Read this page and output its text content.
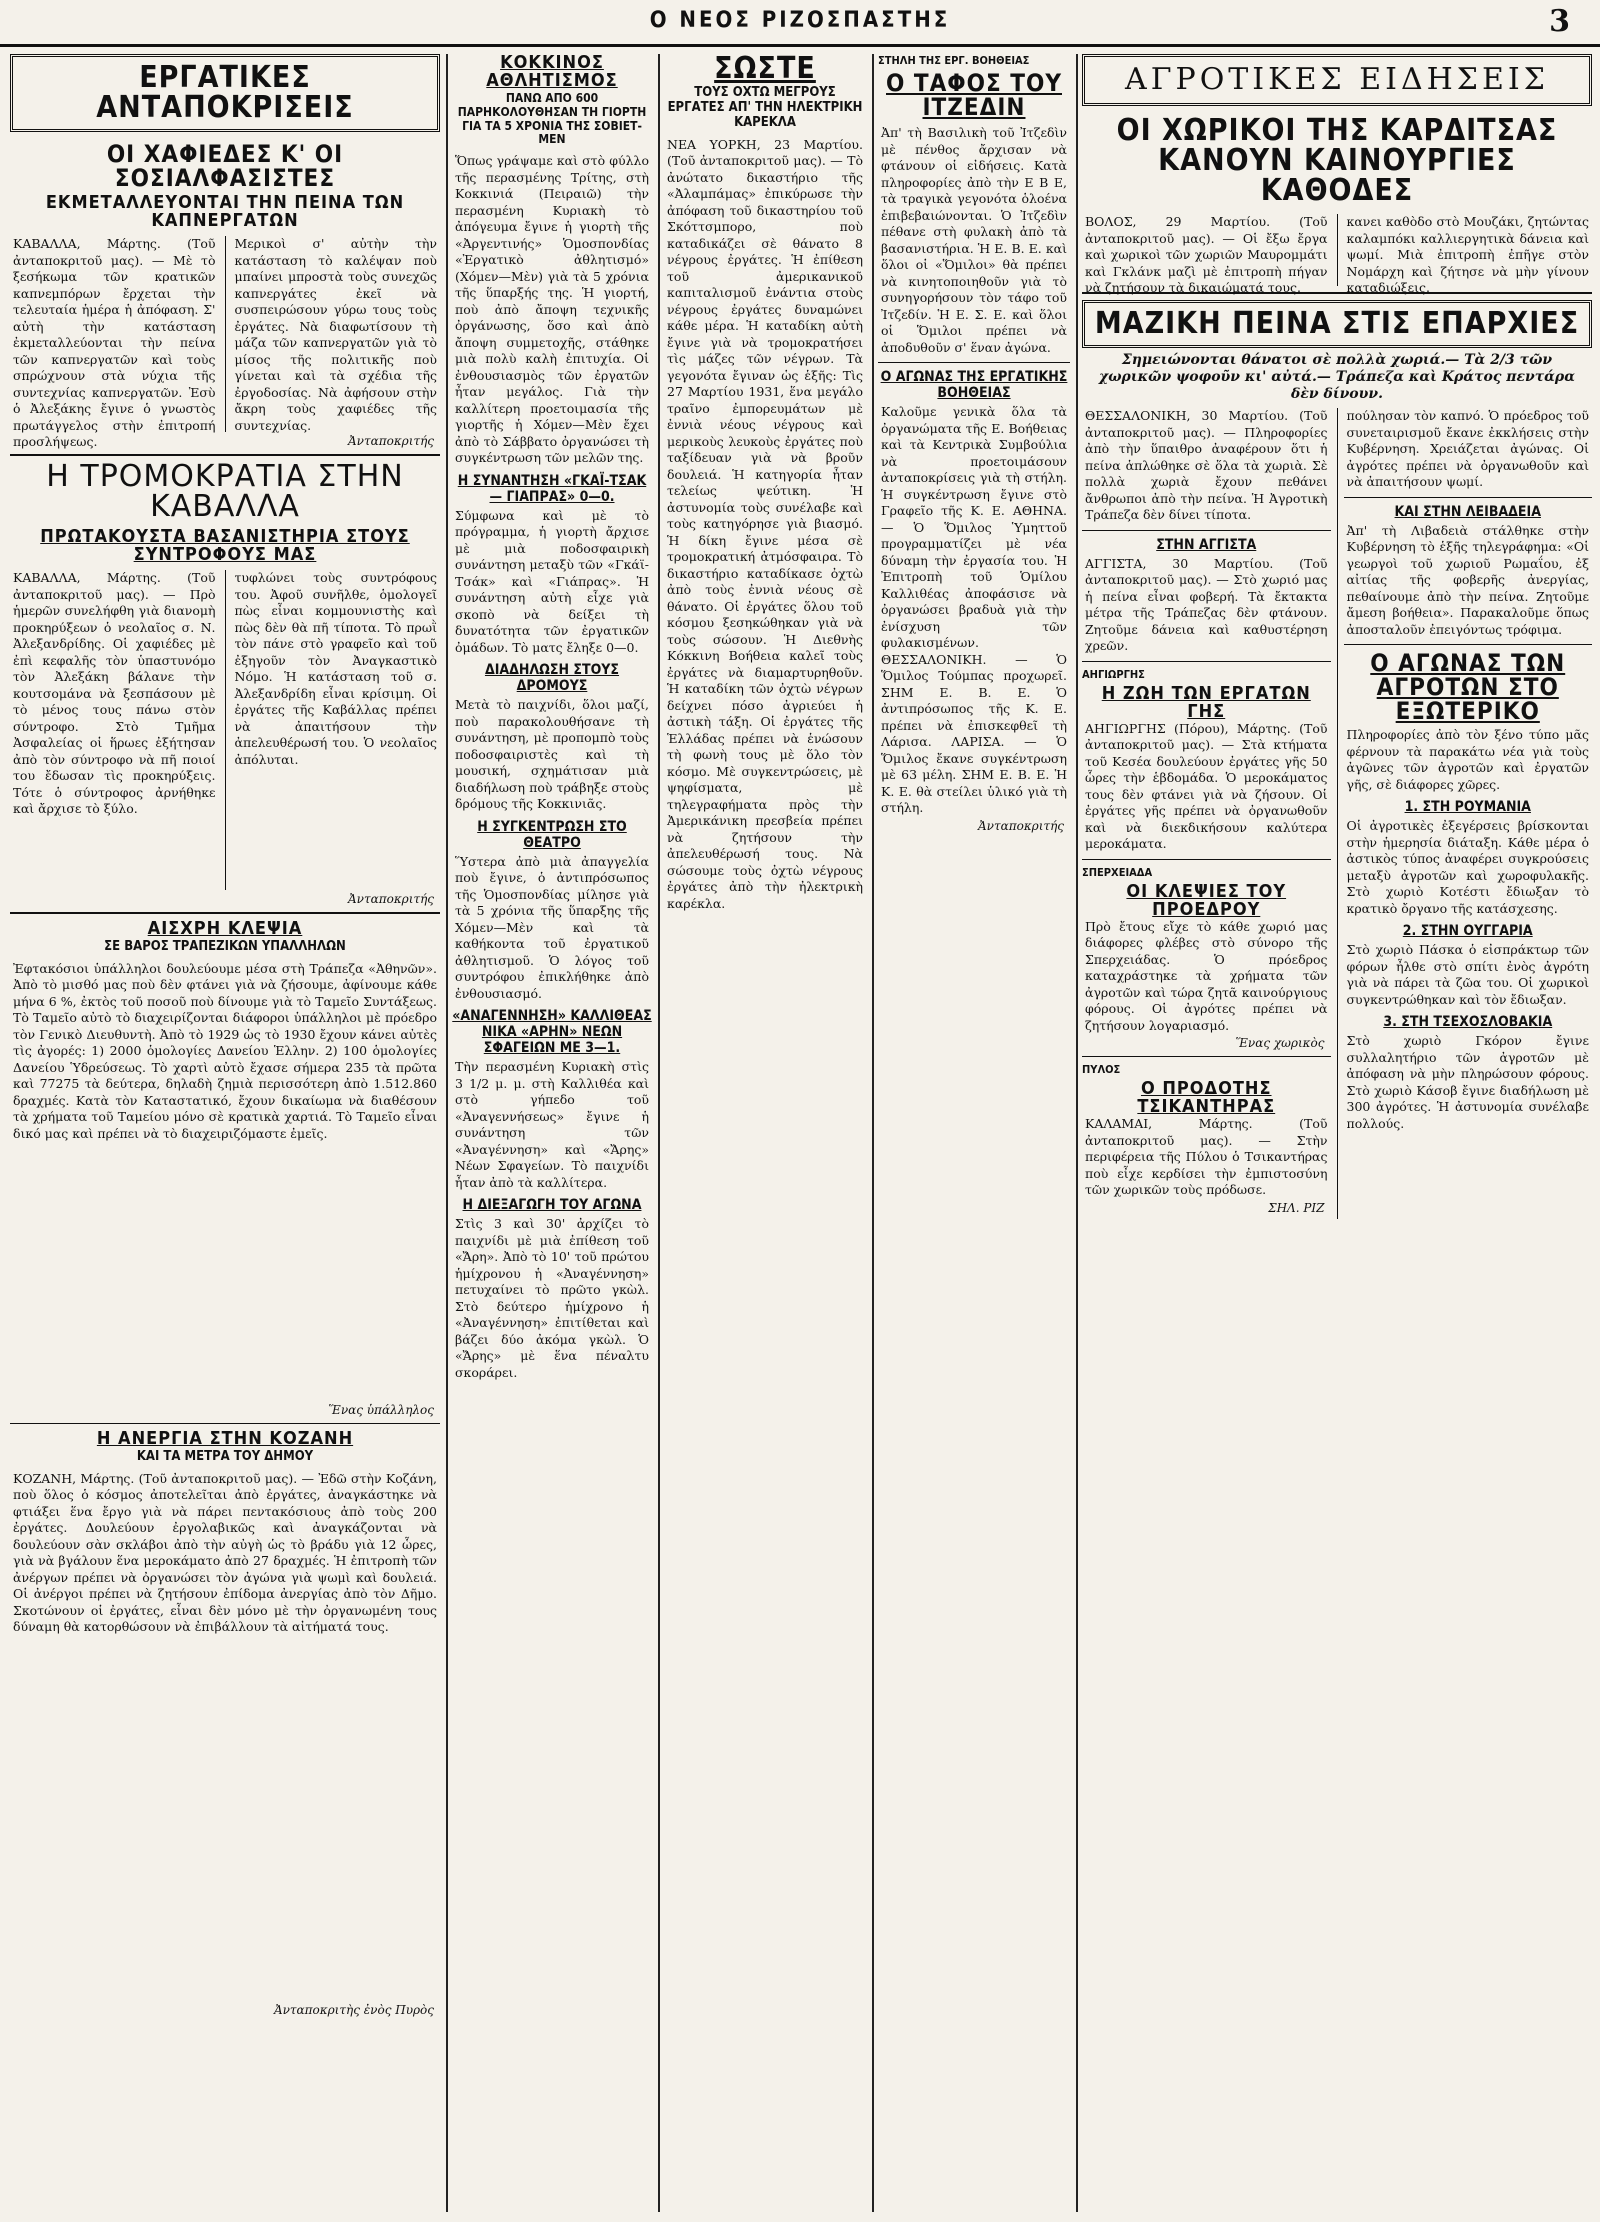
Ο ΝΕΟΣ ΡΙΖΟΣΠΑΣΤΗΣ	3
ΕΡΓΑΤΙΚΕΣ ΑΝΤΑΠΟΚΡΙΣΕΙΣ
ΟΙ ΧΑΦΙΕΔΕΣ Κ' ΟΙ ΣΟΣΙΑΛΦΑΣΙΣΤΕΣ
ΕΚΜΕΤΑΛΛΕΥΟΝΤΑΙ ΤΗΝ ΠΕΙΝΑ ΤΩΝ ΚΑΠΝΕΡΓΑΤΩΝ
ΚΑΒΑΛΛΑ, Μάρτης. (Τοῦ ἀνταποκριτοῦ μας). — Μὲ τὸ ξεσήκωμα τῶν κρατικῶν καπνεμπόρων ἔρχεται τὴν τελευταία ἡμέρα ἡ ἀπόφαση. Σ' αὐτὴ τὴν κατάσταση ἐκμεταλλεύονται τὴν πείνα τῶν καπνεργατῶν καὶ τοὺς σπρώχνουν στὰ νύχια τῆς συντεχνίας καπνεργατῶν. Ἐσὺ ὁ Ἀλεξάκης ἔγινε ὁ γνωστὸς πρωτάγγελος στὴν ἐπιτροπή προσλήψεως.
Μερικοὶ σ' αὐτὴν τὴν κατάσταση τὸ καλέψαν ποὺ μπαίνει μπροστὰ τοὺς συνεχῶς καπνεργάτες ἐκεῖ νὰ συσπειρώσουν γύρω τους τοὺς ἐργάτες. Νὰ διαφωτίσουν τὴ μάζα τῶν καπνεργατῶν γιὰ τὸ μίσος τῆς πολιτικῆς ποὺ γίνεται καὶ τὰ σχέδια τῆς ἐργοδοσίας. Νὰ ἀφήσουν στὴν ἄκρη τοὺς χαφιέδες τῆς συντεχνίας.
Ἀνταποκριτής
Η ΤΡΟΜΟΚΡΑΤΙΑ ΣΤΗΝ ΚΑΒΑΛΛΑ
ΠΡΩΤΑΚΟΥΣΤΑ ΒΑΣΑΝΙΣΤΗΡΙΑ ΣΤΟΥΣ ΣΥΝΤΡΟΦΟΥΣ ΜΑΣ
ΚΑΒΑΛΛΑ, Μάρτης. (Τοῦ ἀνταποκριτοῦ μας). — Πρὸ ἡμερῶν συνελήφθη γιὰ διανομὴ προκηρύξεων ὁ νεολαῖος σ. Ν. Ἀλεξανδρίδης. Οἱ χαφιέδες μὲ ἐπὶ κεφαλῆς τὸν ὑπαστυνόμο τὸν Ἀλεξάκη βάλανε τὴν κουτσομάνα νὰ ξεσπάσουν μὲ τὸ μένος τους πάνω στὸν σύντροφο. Στὸ Τμῆμα Ἀσφαλείας οἱ ἥρωες ἐξήτησαν ἀπὸ τὸν σύντροφο νὰ πῆ ποιοί του ἔδωσαν τὶς προκηρύξεις. Τότε ὁ σύντροφος ἀρνήθηκε καὶ ἄρχισε τὸ ξύλο.
τυφλώνει τοὺς συντρόφους του. Ἀφοῦ συνῆλθε, ὁμολογεῖ πὼς εἶναι κομμουνιστὴς καὶ πὼς δὲν θὰ πῆ τίποτα. Τὸ πρωῒ τὸν πάνε στὸ γραφεῖο καὶ τοῦ ἐξηγοῦν τὸν Ἀναγκαστικὸ Νόμο. Ἡ κατάσταση τοῦ σ. Ἀλεξανδρίδη εἶναι κρίσιμη. Οἱ ἐργάτες τῆς Καβάλλας πρέπει νὰ ἀπαιτήσουν τὴν ἀπελευθέρωσή του. Ὁ νεολαῖος ἀπόλυται.
Ἀνταποκριτής
ΑΙΣΧΡΗ ΚΛΕΨΙΑ
ΣΕ ΒΑΡΟΣ ΤΡΑΠΕΖΙΚΩΝ ΥΠΑΛΛΗΛΩΝ
Ἐφτακόσιοι ὑπάλληλοι δουλεύουμε μέσα στὴ Τράπεζα «Ἀθηνῶν». Ἀπὸ τὸ μισθό μας ποὺ δὲν φτάνει γιὰ νὰ ζήσουμε, ἀφίνουμε κάθε μήνα 6 %, ἐκτὸς τοῦ ποσοῦ ποὺ δίνουμε γιὰ τὸ Ταμεῖο Συντάξεως. Τὸ Ταμεῖο αὐτὸ τὸ διαχειρίζονται διάφοροι ὑπάλληλοι μὲ πρόεδρο τὸν Γενικὸ Διευθυντὴ. Ἀπὸ τὸ 1929 ὡς τὸ 1930 ἔχουν κάνει αὐτὲς τὶς ἀγορές: 1) 2000 ὁμολογίες Δανείου Ἑλλην. 2) 100 ὁμολογίες Δανείου Ὑδρεύσεως. Τὸ χαρτὶ αὐτὸ ἔχασε σήμερα 235 τὰ πρῶτα καὶ 77275 τὰ δεύτερα, δηλαδὴ ζημιὰ περισσότερη ἀπὸ 1.512.860 δραχμές. Κατὰ τὸν Καταστατικό, ἔχουν δικαίωμα νὰ διαθέσουν τὰ χρήματα τοῦ Ταμείου μόνο σὲ κρατικὰ χαρτιά. Τὸ Ταμεῖο εἶναι δικό μας καὶ πρέπει νὰ τὸ διαχειριζόμαστε ἐμεῖς.
Ἕνας ὑπάλληλος
Η ΑΝΕΡΓΙΑ ΣΤΗΝ ΚΟΖΑΝΗ
ΚΑΙ ΤΑ ΜΕΤΡΑ ΤΟΥ ΔΗΜΟΥ
ΚΟΖΑΝΗ, Μάρτης. (Τοῦ ἀνταποκριτοῦ μας). — Ἐδῶ στὴν Κοζάνη, ποὺ ὅλος ὁ κόσμος ἀποτελεῖται ἀπὸ ἐργάτες, ἀναγκάστηκε νὰ φτιάξει ἕνα ἔργο γιὰ νὰ πάρει πεντακόσιους ἀπὸ τοὺς 200 ἐργάτες. Δουλεύουν ἐργολαβικῶς καὶ ἀναγκάζονται νὰ δουλεύουν σὰν σκλάβοι ἀπὸ τὴν αὐγὴ ὡς τὸ βράδυ γιὰ 12 ὧρες, γιὰ νὰ βγάλουν ἕνα μεροκάματο ἀπὸ 27 δραχμές. Ἡ ἐπιτροπὴ τῶν ἀνέργων πρέπει νὰ ὀργανώσει τὸν ἀγώνα γιὰ ψωμὶ καὶ δουλειά. Οἱ ἀνέργοι πρέπει νὰ ζητήσουν ἐπίδομα ἀνεργίας ἀπὸ τὸν Δῆμο. Σκοτώνουν οἱ ἐργάτες, εἶναι δὲν μόνο μὲ τὴν ὀργανωμένη τους δύναμη θὰ κατορθώσουν νὰ ἐπιβάλλουν τὰ αἰτήματά τους.
Ἀνταποκριτὴς ἐνὸς Πυρὸς
ΚΟΚΚΙΝΟΣ ΑΘΛΗΤΙΣΜΟΣ
ΠΑΝΩ ΑΠΟ 600 ΠΑΡΗΚΟΛΟΥΘΗΣΑΝ ΤΗ ΓΙΟΡΤΗ ΓΙΑ ΤΑ 5 ΧΡΟΝΙΑ ΤΗΣ ΣΟΒΙΕΤ-ΜΕΝ
Ὅπως γράψαμε καὶ στὸ φύλλο τῆς περασμένης Τρίτης, στὴ Κοκκινιά (Πειραιῶ) τὴν περασμένη Κυριακὴ τὸ ἀπόγευμα ἔγινε ἡ γιορτὴ τῆς «Ἀργεντινής» Ὁμοσπονδίας «Ἐργατικὸ ἀθλητισμό» (Χόμεν—Μὲν) γιὰ τὰ 5 χρόνια τῆς ὕπαρξής της. Ἡ γιορτή, ποὺ ἀπὸ ἄποψη τεχνικῆς ὀργάνωσης, ὅσο καὶ ἀπὸ ἄποψη συμμετοχῆς, στάθηκε μιὰ πολὺ καλὴ ἐπιτυχία. Οἱ ἐνθουσιασμὸς τῶν ἐργατῶν ἦταν μεγάλος. Γιὰ τὴν καλλίτερη προετοιμασία τῆς γιορτῆς ἡ Χόμεν—Μὲν ἔχει ἀπὸ τὸ Σάββατο ὀργανώσει τὴ συγκέντρωση τῶν μελῶν της.
Η ΣΥΝΑΝΤΗΣΗ «ΓΚΑΪ-ΤΣΑΚ— ΓΙΑΠΡΑΣ» 0—0.
Σύμφωνα καὶ μὲ τὸ πρόγραμμα, ἡ γιορτὴ ἄρχισε μὲ μιὰ ποδοσφαιρικὴ συνάντηση μεταξὺ τῶν «Γκάϊ-Τσάκ» καὶ «Γιάπρας». Ἡ συνάντηση αὐτὴ εἶχε γιὰ σκοπὸ νὰ δείξει τὴ δυνατότητα τῶν ἐργατικῶν ὀμάδων. Τὸ ματς ἔληξε 0—0.
ΔΙΑΔΗΛΩΣΗ ΣΤΟΥΣ ΔΡΟΜΟΥΣ
Μετὰ τὸ παιχνίδι, ὅλοι μαζί, ποὺ παρακολουθήσανε τὴ συνάντηση, μὲ προπομπὸ τοὺς ποδοσφαιριστὲς καὶ τὴ μουσική, σχημάτισαν μιὰ διαδήλωση ποὺ τράβηξε στοὺς δρόμους τῆς Κοκκινιᾶς.
Η ΣΥΓΚΕΝΤΡΩΣΗ ΣΤΟ ΘΕΑΤΡΟ
Ὕστερα ἀπὸ μιὰ ἀπαγγελία ποὺ ἔγινε, ὁ ἀντιπρόσωπος τῆς Ὁμοσπονδίας μίλησε γιὰ τὰ 5 χρόνια τῆς ὕπαρξης τῆς Χόμεν—Μὲν καὶ τὰ καθήκοντα τοῦ ἐργατικοῦ ἀθλητισμοῦ. Ὁ λόγος τοῦ συντρόφου ἐπικλήθηκε ἀπὸ ἐνθουσιασμό.
«ΑΝΑΓΕΝΝΗΣΗ» ΚΑΛΛΙΘΕΑΣ ΝΙΚΑ «ΑΡΗΝ» ΝΕΩΝ ΣΦΑΓΕΙΩΝ ΜΕ 3—1.
Τὴν περασμένη Κυριακὴ στὶς 3 1/2 μ. μ. στὴ Καλλιθέα καὶ στὸ γήπεδο τοῦ «Ἀναγεννήσεως» ἔγινε ἡ συνάντηση τῶν «Ἀναγέννηση» καὶ «Ἄρης» Νέων Σφαγείων. Τὸ παιχνίδι ἦταν ἀπὸ τὰ καλλίτερα.
Η ΔΙΕΞΑΓΩΓΗ ΤΟΥ ΑΓΩΝΑ
Στὶς 3 καὶ 30' ἀρχίζει τὸ παιχνίδι μὲ μιὰ ἐπίθεση τοῦ «Ἄρη». Ἀπὸ τὸ 10' τοῦ πρώτου ἡμίχρονου ἡ «Ἀναγέννηση» πετυχαίνει τὸ πρῶτο γκὼλ. Στὸ δεύτερο ἡμίχρονο ἡ «Ἀναγέννηση» ἐπιτίθεται καὶ βάζει δύο ἀκόμα γκὼλ. Ὁ «Ἄρης» μὲ ἕνα πέναλτυ σκοράρει.
ΣΩΣΤΕ
ΤΟΥΣ ΟΧΤΩ ΜΕΓΡΟΥΣ ΕΡΓΑΤΕΣ ΑΠ' ΤΗΝ ΗΛΕΚΤΡΙΚΗ ΚΑΡΕΚΛΑ
ΝΕΑ ΥΟΡΚΗ, 23 Μαρτίου. (Τοῦ ἀνταποκριτοῦ μας). — Τὸ ἀνώτατο δικαστήριο τῆς «Ἀλαμπάμας» ἐπικύρωσε τὴν ἀπόφαση τοῦ δικαστηρίου τοῦ Σκόττσμπορο, ποὺ καταδικάζει σὲ θάνατο 8 νέγρους ἐργάτες. Ἡ ἐπίθεση τοῦ ἀμερικανικοῦ καπιταλισμοῦ ἐνάντια στοὺς νέγρους ἐργάτες δυναμώνει κάθε μέρα. Ἡ καταδίκη αὐτὴ ἔγινε γιὰ νὰ τρομοκρατήσει τὶς μάζες τῶν νέγρων. Τὰ γεγονότα ἔγιναν ὡς ἑξῆς: Τὶς 27 Μαρτίου 1931, ἕνα μεγάλο τραῖνο ἐμπορευμάτων μὲ ἐννιὰ νέους νέγρους καὶ μερικοὺς λευκοὺς ἐργάτες ποὺ ταξίδευαν γιὰ νὰ βροῦν δουλειά. Ἡ κατηγορία ἦταν τελείως ψεύτικη. Ἡ ἀστυνομία τοὺς συνέλαβε καὶ τοὺς κατηγόρησε γιὰ βιασμό. Ἡ δίκη ἔγινε μέσα σὲ τρομοκρατική ἀτμόσφαιρα. Τὸ δικαστήριο καταδίκασε ὀχτὼ ἀπὸ τοὺς ἐννιὰ νέους σὲ θάνατο. Οἱ ἐργάτες ὅλου τοῦ κόσμου ξεσηκώθηκαν γιὰ νὰ τοὺς σώσουν. Ἡ Διεθνὴς Κόκκινη Βοήθεια καλεῖ τοὺς ἐργάτες νὰ διαμαρτυρηθοῦν. Ἡ καταδίκη τῶν ὀχτὼ νέγρων δείχνει πόσο ἀγριεύει ἡ ἀστικὴ τάξη. Οἱ ἐργάτες τῆς Ἑλλάδας πρέπει νὰ ἑνώσουν τὴ φωνὴ τους μὲ ὅλο τὸν κόσμο. Μὲ συγκεντρώσεις, μὲ ψηφίσματα, μὲ τηλεγραφήματα πρὸς τὴν Ἀμερικάνικη πρεσβεία πρέπει νὰ ζητήσουν τὴν ἀπελευθέρωσή τους. Νὰ σώσουμε τοὺς ὀχτὼ νέγρους ἐργάτες ἀπὸ τὴν ἠλεκτρικὴ καρέκλα.
ΣΤΗΛΗ ΤΗΣ ΕΡΓ. ΒΟΗΘΕΙΑΣ
Ο ΤΑΦΟΣ ΤΟΥ ΙΤΖΕΔΙΝ
Ἀπ' τὴ Βασιλικὴ τοῦ Ἰτζεδὶν μὲ πένθος ἄρχισαν νὰ φτάνουν οἱ εἰδήσεις. Κατὰ πληροφορίες ἀπὸ τὴν Ε Β Ε, τὰ τραγικὰ γεγονότα ὁλοένα ἐπιβεβαιώνονται. Ὁ Ἰτζεδὶν πέθανε στὴ φυλακὴ ἀπὸ τὰ βασανιστήρια. Ἡ Ε. Β. Ε. καὶ ὅλοι οἱ «Ὅμιλοι» θὰ πρέπει νὰ κινητοποιηθοῦν γιὰ τὸ συνηγορήσουν τὸν τάφο τοῦ Ἰτζεδίν. Ἡ Ε. Σ. Ε. καὶ ὅλοι οἱ Ὅμιλοι πρέπει νὰ ἀποδυθοῦν σ' ἕναν ἀγώνα.
Ο ΑΓΩΝΑΣ ΤΗΣ ΕΡΓΑΤΙΚΗΣ ΒΟΗΘΕΙΑΣ
Καλοῦμε γενικὰ ὅλα τὰ ὀργανώματα τῆς Ε. Βοήθειας καὶ τὰ Κεντρικὰ Συμβούλια νὰ προετοιμάσουν ἀνταποκρίσεις γιὰ τὴ στήλη. Ἡ συγκέντρωση ἔγινε στὸ Γραφεῖο τῆς Κ. Ε. ΑΘΗΝΑ. — Ὁ Ὅμιλος Ὑμηττοῦ προγραμματίζει μὲ νέα δύναμη τὴν ἐργασία του. Ἡ Ἐπιτροπὴ τοῦ Ὁμίλου Καλλιθέας ἀποφάσισε νὰ ὀργανώσει βραδυὰ γιὰ τὴν ἐνίσχυση τῶν φυλακισμένων. ΘΕΣΣΑΛΟΝΙΚΗ. — Ὁ Ὅμιλος Τούμπας προχωρεῖ. ΣΗΜ Ε. Β. Ε. Ὁ ἀντιπρόσωπος τῆς Κ. Ε. πρέπει νὰ ἐπισκεφθεῖ τὴ Λάρισα. ΛΑΡΙΣΑ. — Ὁ Ὅμιλος ἔκανε συγκέντρωση μὲ 63 μέλη. ΣΗΜ Ε. Β. Ε. Ἡ Κ. Ε. θὰ στείλει ὑλικό γιὰ τὴ στήλη.
Ἀνταποκριτής
ΑΓΡΟΤΙΚΕΣ ΕΙΔΗΣΕΙΣ
ΟΙ ΧΩΡΙΚΟΙ ΤΗΣ ΚΑΡΔΙΤΣΑΣ ΚΑΝΟΥΝ ΚΑΙΝΟΥΡΓΙΕΣ ΚΑΘΟΔΕΣ
ΒΟΛΟΣ, 29 Μαρτίου. (Τοῦ ἀνταποκριτοῦ μας). — Οἱ ἔξω ἔργα καὶ χωρικοὶ τῶν χωριῶν Μαυρομμάτι καὶ Γκλάνκ μαζὶ μὲ ἐπιτροπὴ πήγαν νὰ ζητήσουν τὰ δικαιώματά τους.
κανει καθὸδο στὸ Μουζάκι, ζητώντας καλαμπόκι καλλιεργητικὰ δάνεια καὶ ψωμί. Μιὰ ἐπιτροπὴ ἐπῆγε στὸν Νομάρχη καὶ ζήτησε νὰ μὴν γίνουν καταδιώξεις.
ΜΑΖΙΚΗ ΠΕΙΝΑ ΣΤΙΣ ΕΠΑΡΧΙΕΣ
Σημειώνονται θάνατοι σὲ πολλὰ χωριά.— Τὰ 2/3 τῶν χωρικῶν ψοφοῦν κι' αὐτά.— Τράπεζα καὶ Κράτος πεντάρα δὲν δίνουν.
ΘΕΣΣΑΛΟΝΙΚΗ, 30 Μαρτίου. (Τοῦ ἀνταποκριτοῦ μας). — Πληροφορίες ἀπὸ τὴν ὕπαιθρο ἀναφέρουν ὅτι ἡ πείνα ἁπλώθηκε σὲ ὅλα τὰ χωριὰ. Σὲ πολλὰ χωριὰ ἔχουν πεθάνει ἄνθρωποι ἀπὸ τὴν πείνα. Ἡ Ἀγροτικὴ Τράπεζα δὲν δίνει τίποτα.
ΣΤΗΝ ΑΓΓΙΣΤΑ
ΑΓΓΙΣΤΑ, 30 Μαρτίου. (Τοῦ ἀνταποκριτοῦ μας). — Στὸ χωριό μας ἡ πείνα εἶναι φοβερή. Τὰ ἔκτακτα μέτρα τῆς Τράπεζας δὲν φτάνουν. Ζητοῦμε δάνεια καὶ καθυστέρηση χρεῶν.
ΑΗΓΙΩΡΓΗΣ
Η ΖΩΗ ΤΩΝ ΕΡΓΑΤΩΝ ΓΗΣ
ΑΗΓΙΩΡΓΗΣ (Πόρου), Μάρτης. (Τοῦ ἀνταποκριτοῦ μας). — Στὰ κτήματα τοῦ Κεσέα δουλεύουν ἐργάτες γῆς 50 ὧρες τὴν ἑβδομάδα. Ὁ μεροκάματος τους δὲν φτάνει γιὰ νὰ ζήσουν. Οἱ ἐργάτες γῆς πρέπει νὰ ὀργανωθοῦν καὶ νὰ διεκδικήσουν καλύτερα μεροκάματα.
ΣΠΕΡΧΕΙΑΔΑ
ΟΙ ΚΛΕΨΙΕΣ ΤΟΥ ΠΡΟΕΔΡΟΥ
Πρὸ ἔτους εἴχε τὸ κάθε χωριό μας διάφορες φλέβες στὸ σύνορο τῆς Σπερχειάδας. Ὁ πρόεδρος καταχράστηκε τὰ χρήματα τῶν ἀγροτῶν καὶ τώρα ζητᾶ καινούργιους φόρους. Οἱ ἀγρότες πρέπει νὰ ζητήσουν λογαριασμό.
Ἕνας χωρικὸς
ΠΥΛΟΣ
Ο ΠΡΟΔΟΤΗΣ ΤΣΙΚΑΝΤΗΡΑΣ
ΚΑΛΑΜΑΙ, Μάρτης. (Τοῦ ἀνταποκριτοῦ μας). — Στὴν περιφέρεια τῆς Πύλου ὁ Τσικαντήρας ποὺ εἶχε κερδίσει τὴν ἐμπιστοσύνη τῶν χωρικῶν τοὺς πρόδωσε.
ΣΗΛ. ΡΙΖ
πούλησαν τὸν καπνό. Ὁ πρόεδρος τοῦ συνεταιρισμοῦ ἔκανε ἐκκλήσεις στὴν Κυβέρνηση. Χρειάζεται ἀγώνας. Οἱ ἀγρότες πρέπει νὰ ὀργανωθοῦν καὶ νὰ ἀπαιτήσουν ψωμί.
ΚΑΙ ΣΤΗΝ ΛΕΙΒΑΔΕΙΑ
Ἀπ' τὴ Λιβαδειὰ στάλθηκε στὴν Κυβέρνηση τὸ ἑξῆς τηλεγράφημα: «Οἱ γεωργοὶ τοῦ χωριοῦ Ρωμαΐου, ἐξ αἰτίας τῆς φοβερῆς ἀνεργίας, πεθαίνουμε ἀπὸ τὴν πείνα. Ζητοῦμε ἄμεση βοήθεια». Παρακαλοῦμε ὅπως ἀποσταλοῦν ἐπειγόντως τρόφιμα.
Ο ΑΓΩΝΑΣ ΤΩΝ ΑΓΡΟΤΩΝ ΣΤΟ ΕΞΩΤΕΡΙΚΟ
Πληροφορίες ἀπὸ τὸν ξένο τύπο μᾶς φέρνουν τὰ παρακάτω νέα γιὰ τοὺς ἀγῶνες τῶν ἀγροτῶν καὶ ἐργατῶν γῆς, σὲ διάφορες χῶρες.
1. ΣΤΗ ΡΟΥΜΑΝΙΑ
Οἱ ἀγροτικὲς ἐξεγέρσεις βρίσκονται στὴν ἡμερησία διάταξη. Κάθε μέρα ὁ ἀστικὸς τύπος ἀναφέρει συγκρούσεις μεταξὺ ἀγροτῶν καὶ χωροφυλακῆς. Στὸ χωριὸ Κοτέστι ἔδιωξαν τὸ κρατικὸ ὄργανο τῆς κατάσχεσης.
2. ΣΤΗΝ ΟΥΓΓΑΡΙΑ
Στὸ χωριὸ Πάσκα ὁ εἰσπράκτωρ τῶν φόρων ἦλθε στὸ σπίτι ἐνὸς ἀγρότη γιὰ νὰ πάρει τὰ ζῶα του. Οἱ χωρικοὶ συγκεντρώθηκαν καὶ τὸν ἔδιωξαν.
3. ΣΤΗ ΤΣΕΧΟΣΛΟΒΑΚΙΑ
Στὸ χωριὸ Γκόρον ἔγινε συλλαλητήριο τῶν ἀγροτῶν μὲ ἀπόφαση νὰ μὴν πληρώσουν φόρους. Στὸ χωριὸ Κάσοβ ἔγινε διαδήλωση μὲ 300 ἀγρότες. Ἡ ἀστυνομία συνέλαβε πολλούς.
